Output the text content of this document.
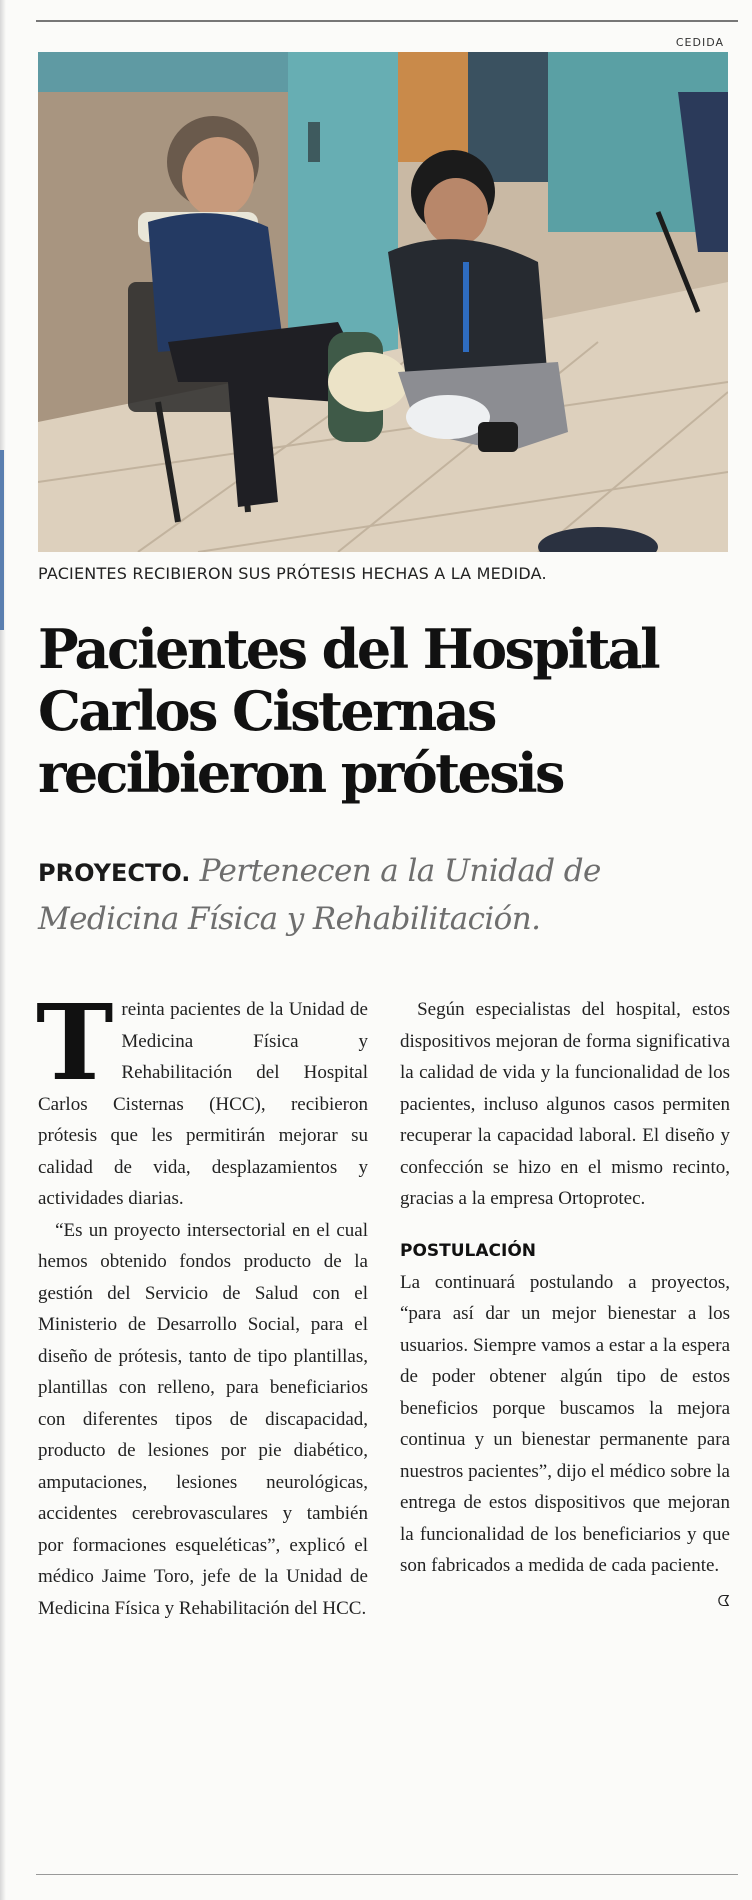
CEDIDA
PACIENTES RECIBIERON SUS PRÓTESIS HECHAS A LA MEDIDA.
Pacientes del Hospital
Carlos Cisternas
recibieron prótesis
PROYECTO. Pertenecen a la Unidad de Medicina Física y Rehabilitación.

Treinta pacientes de la Unidad de Medicina Física y Rehabilitación del Hospital Carlos Cisternas (HCC), recibieron prótesis que les permitirán mejorar su calidad de vida, desplazamientos y actividades diarias.

“Es un proyecto intersectorial en el cual hemos obtenido fondos producto de la gestión del Servicio de Salud con el Ministerio de Desarrollo Social, para el diseño de prótesis, tanto de tipo plantillas, plantillas con relleno, para beneficiarios con diferentes tipos de discapacidad, producto de lesiones por pie diabético, amputaciones, lesiones neurológicas, accidentes cerebrovasculares y también por formaciones esqueléticas”, explicó el médico Jaime Toro, jefe de la Unidad de Medicina Física y Rehabilitación del HCC.

Según especialistas del hospital, estos dispositivos mejoran de forma significativa la calidad de vida y la funcionalidad de los pacientes, incluso algunos casos permiten recuperar la capacidad laboral. El diseño y confección se hizo en el mismo recinto, gracias a la empresa Ortoprotec.

POSTULACIÓN

La continuará postulando a proyectos, “para así dar un mejor bienestar a los usuarios. Siempre vamos a estar a la espera de poder obtener algún tipo de estos beneficios porque buscamos la mejora continua y un bienestar permanente para nuestros pacientes”, dijo el médico sobre la entrega de estos dispositivos que mejoran la funcionalidad de los beneficiarios y que son fabricados a medida de cada paciente.
ᗧ
